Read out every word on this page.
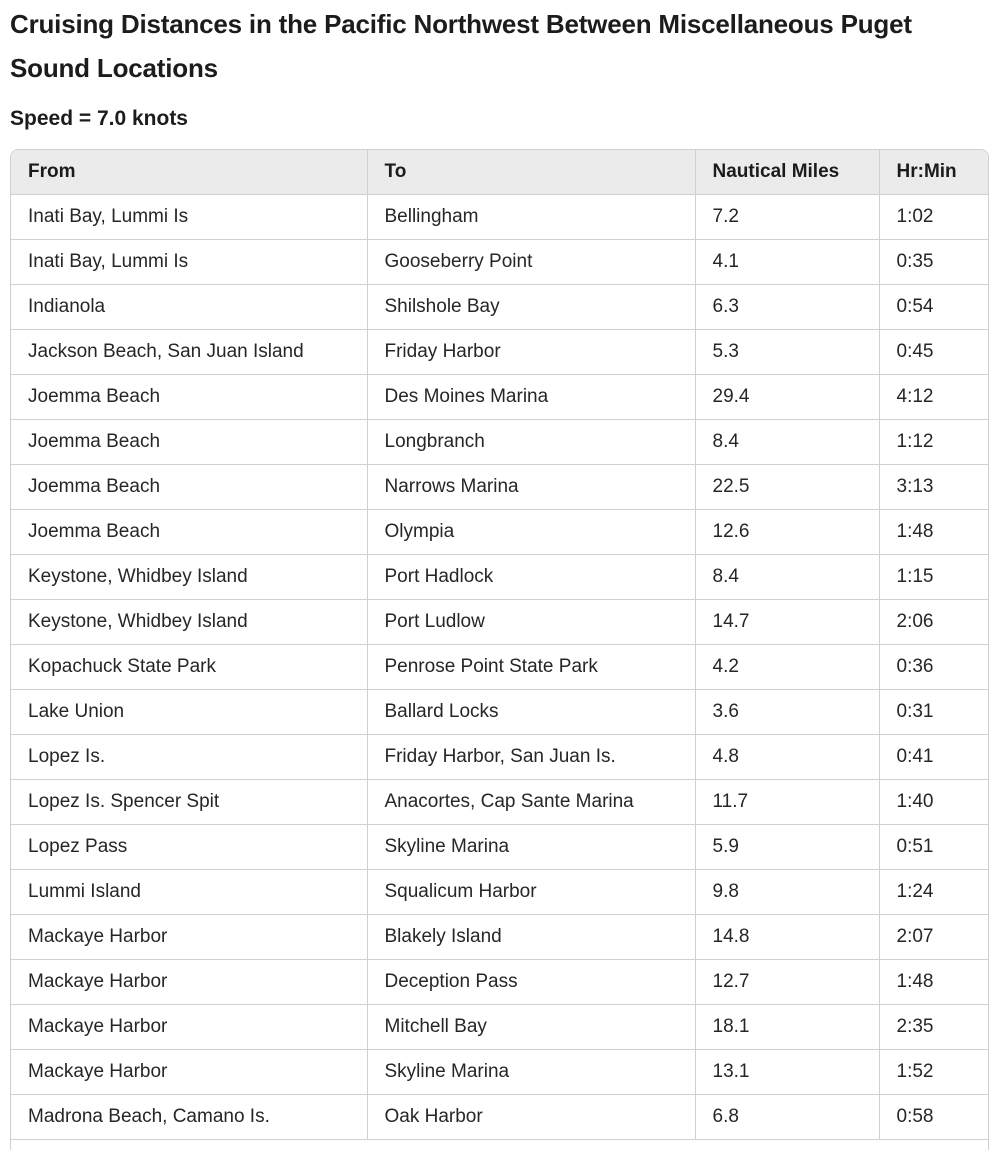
Cruising Distances in the Pacific Northwest Between Miscellaneous Puget Sound Locations

Speed = 7.0 knots

From	To	Nautical Miles	Hr:Min
Inati Bay, Lummi Is	Bellingham	7.2	1:02
Inati Bay, Lummi Is	Gooseberry Point	4.1	0:35
Indianola	Shilshole Bay	6.3	0:54
Jackson Beach, San Juan Island	Friday Harbor	5.3	0:45
Joemma Beach	Des Moines Marina	29.4	4:12
Joemma Beach	Longbranch	8.4	1:12
Joemma Beach	Narrows Marina	22.5	3:13
Joemma Beach	Olympia	12.6	1:48
Keystone, Whidbey Island	Port Hadlock	8.4	1:15
Keystone, Whidbey Island	Port Ludlow	14.7	2:06
Kopachuck State Park	Penrose Point State Park	4.2	0:36
Lake Union	Ballard Locks	3.6	0:31
Lopez Is.	Friday Harbor, San Juan Is.	4.8	0:41
Lopez Is. Spencer Spit	Anacortes, Cap Sante Marina	11.7	1:40
Lopez Pass	Skyline Marina	5.9	0:51
Lummi Island	Squalicum Harbor	9.8	1:24
Mackaye Harbor	Blakely Island	14.8	2:07
Mackaye Harbor	Deception Pass	12.7	1:48
Mackaye Harbor	Mitchell Bay	18.1	2:35
Mackaye Harbor	Skyline Marina	13.1	1:52
Madrona Beach, Camano Is.	Oak Harbor	6.8	0:58
